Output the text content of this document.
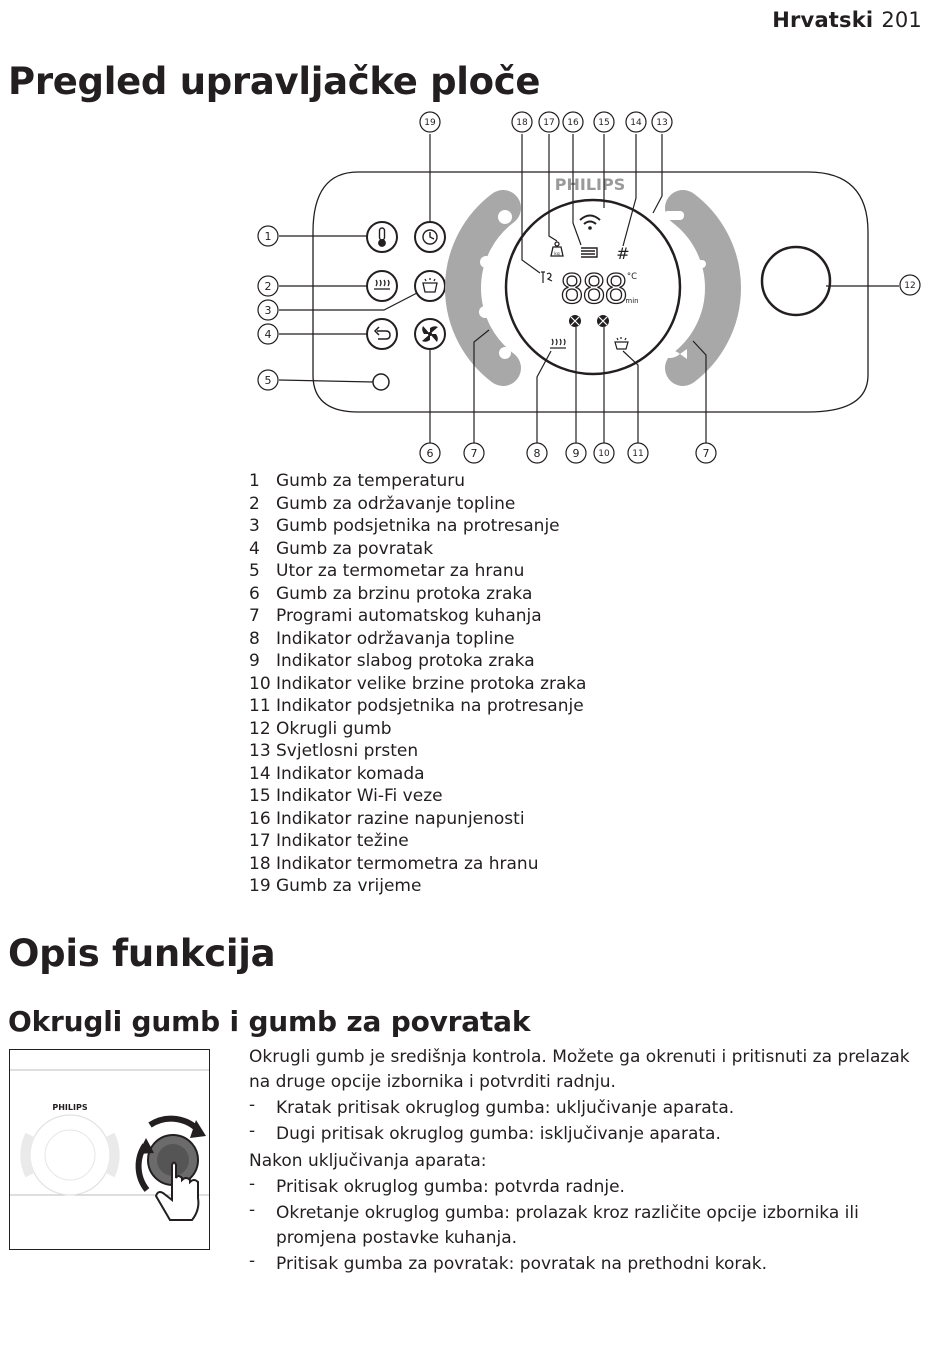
Hrvatski 201
Pregled upravljačke ploče
PHILIPS
kg	#
888 °C
min
1
2
3
4
5
6	7	8	9 10	11
12
13
14
15
16
17
18
19
7
1 Gumb za temperaturu
2 Gumb za održavanje topline
3 Gumb podsjetnika na protresanje
4 Gumb za povratak
5 Utor za termometar za hranu
6 Gumb za brzinu protoka zraka
7 Programi automatskog kuhanja
8 Indikator održavanja topline
9 Indikator slabog protoka zraka
10 Indikator velike brzine protoka zraka
11 Indikator podsjetnika na protresanje
12 Okrugli gumb
13 Svjetlosni prsten
14 Indikator komada
15 Indikator Wi-Fi veze
16 Indikator razine napunjenosti
17 Indikator težine
18 Indikator termometra za hranu
19 Gumb za vrijeme
Opis funkcija
Okrugli gumb i gumb za povratak
PHILIPS

Okrugli gumb je središnja kontrola. Možete ga okrenuti i pritisnuti za prelazak na druge opcije izbornika i potvrditi radnju.

- Kratak pritisak okruglog gumba: uključivanje aparata.
- Dugi pritisak okruglog gumba: isključivanje aparata.

Nakon uključivanja aparata:

- Pritisak okruglog gumba: potvrda radnje.
- Okretanje okruglog gumba: prolazak kroz različite opcije izbornika ili promjena postavke kuhanja.
- Pritisak gumba za povratak: povratak na prethodni korak.
